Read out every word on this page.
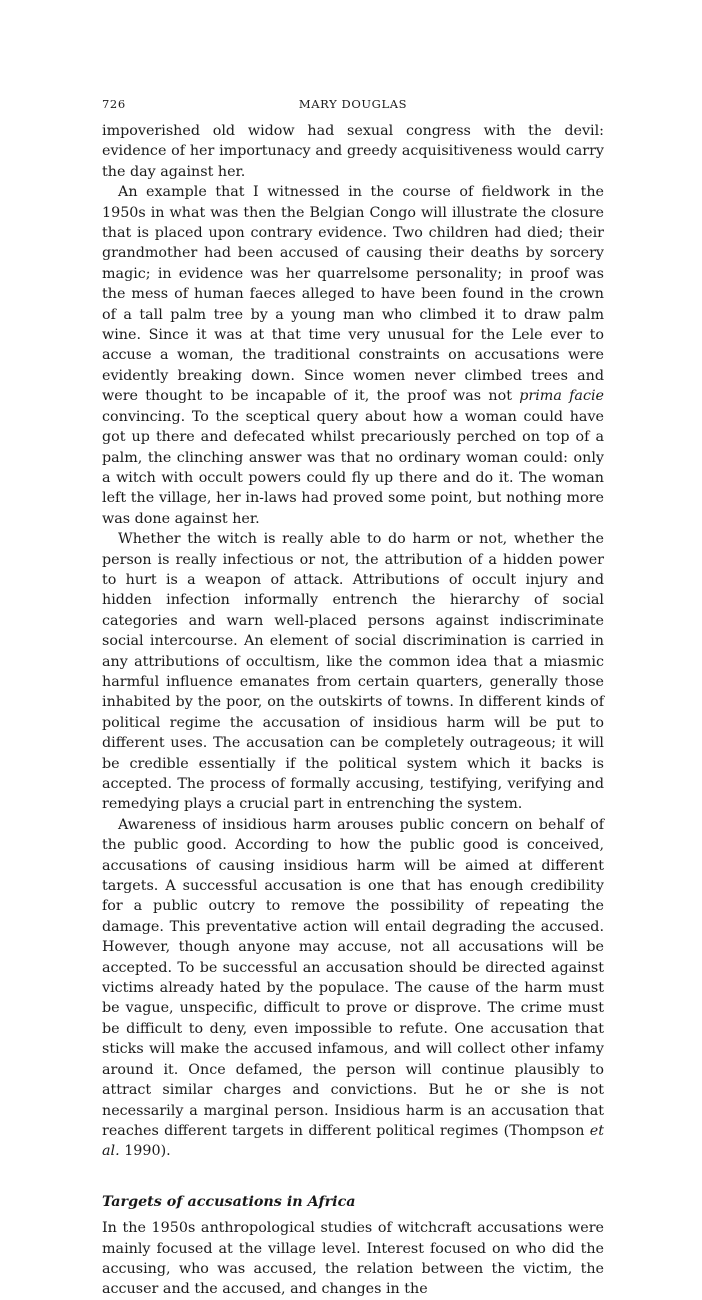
726	MARY DOUGLAS

impoverished old widow had sexual congress with the devil: evidence of her importunacy and greedy acquisitiveness would carry the day against her.

An example that I witnessed in the course of fieldwork in the 1950s in what was then the Belgian Congo will illustrate the closure that is placed upon contrary evidence. Two children had died; their grandmother had been accused of causing their deaths by sorcery magic; in evidence was her quarrelsome personality; in proof was the mess of human faeces alleged to have been found in the crown of a tall palm tree by a young man who climbed it to draw palm wine. Since it was at that time very unusual for the Lele ever to accuse a woman, the traditional constraints on accusations were evidently breaking down. Since women never climbed trees and were thought to be incapable of it, the proof was not prima facie convincing. To the sceptical query about how a woman could have got up there and defecated whilst precariously perched on top of a palm, the clinching answer was that no ordinary woman could: only a witch with occult powers could fly up there and do it. The woman left the village, her in-laws had proved some point, but nothing more was done against her.

Whether the witch is really able to do harm or not, whether the person is really infectious or not, the attribution of a hidden power to hurt is a weapon of attack. Attributions of occult injury and hidden infection informally entrench the hierarchy of social categories and warn well-placed persons against indiscriminate social intercourse. An element of social discrimination is carried in any attributions of occultism, like the common idea that a miasmic harmful influence emanates from certain quarters, generally those inhabited by the poor, on the outskirts of towns. In different kinds of political regime the accusation of insidious harm will be put to different uses. The accusation can be completely outrageous; it will be credible essentially if the political system which it backs is accepted. The process of formally accusing, testifying, verifying and remedying plays a crucial part in entrenching the system.

Awareness of insidious harm arouses public concern on behalf of the public good. According to how the public good is conceived, accusations of causing insidious harm will be aimed at different targets. A successful accusation is one that has enough credibility for a public outcry to remove the possibility of repeating the damage. This preventative action will entail degrading the accused. However, though anyone may accuse, not all accusations will be accepted. To be successful an accusation should be directed against victims already hated by the populace. The cause of the harm must be vague, unspecific, difficult to prove or disprove. The crime must be difficult to deny, even impossible to refute. One accusation that sticks will make the accused infamous, and will collect other infamy around it. Once defamed, the person will continue plausibly to attract similar charges and convictions. But he or she is not necessarily a marginal person. Insidious harm is an accusation that reaches different targets in different political regimes (Thompson et al. 1990).

Targets of accusations in Africa

In the 1950s anthropological studies of witchcraft accusations were mainly focused at the village level. Interest focused on who did the accusing, who was accused, the relation between the victim, the accuser and the accused, and changes in the
